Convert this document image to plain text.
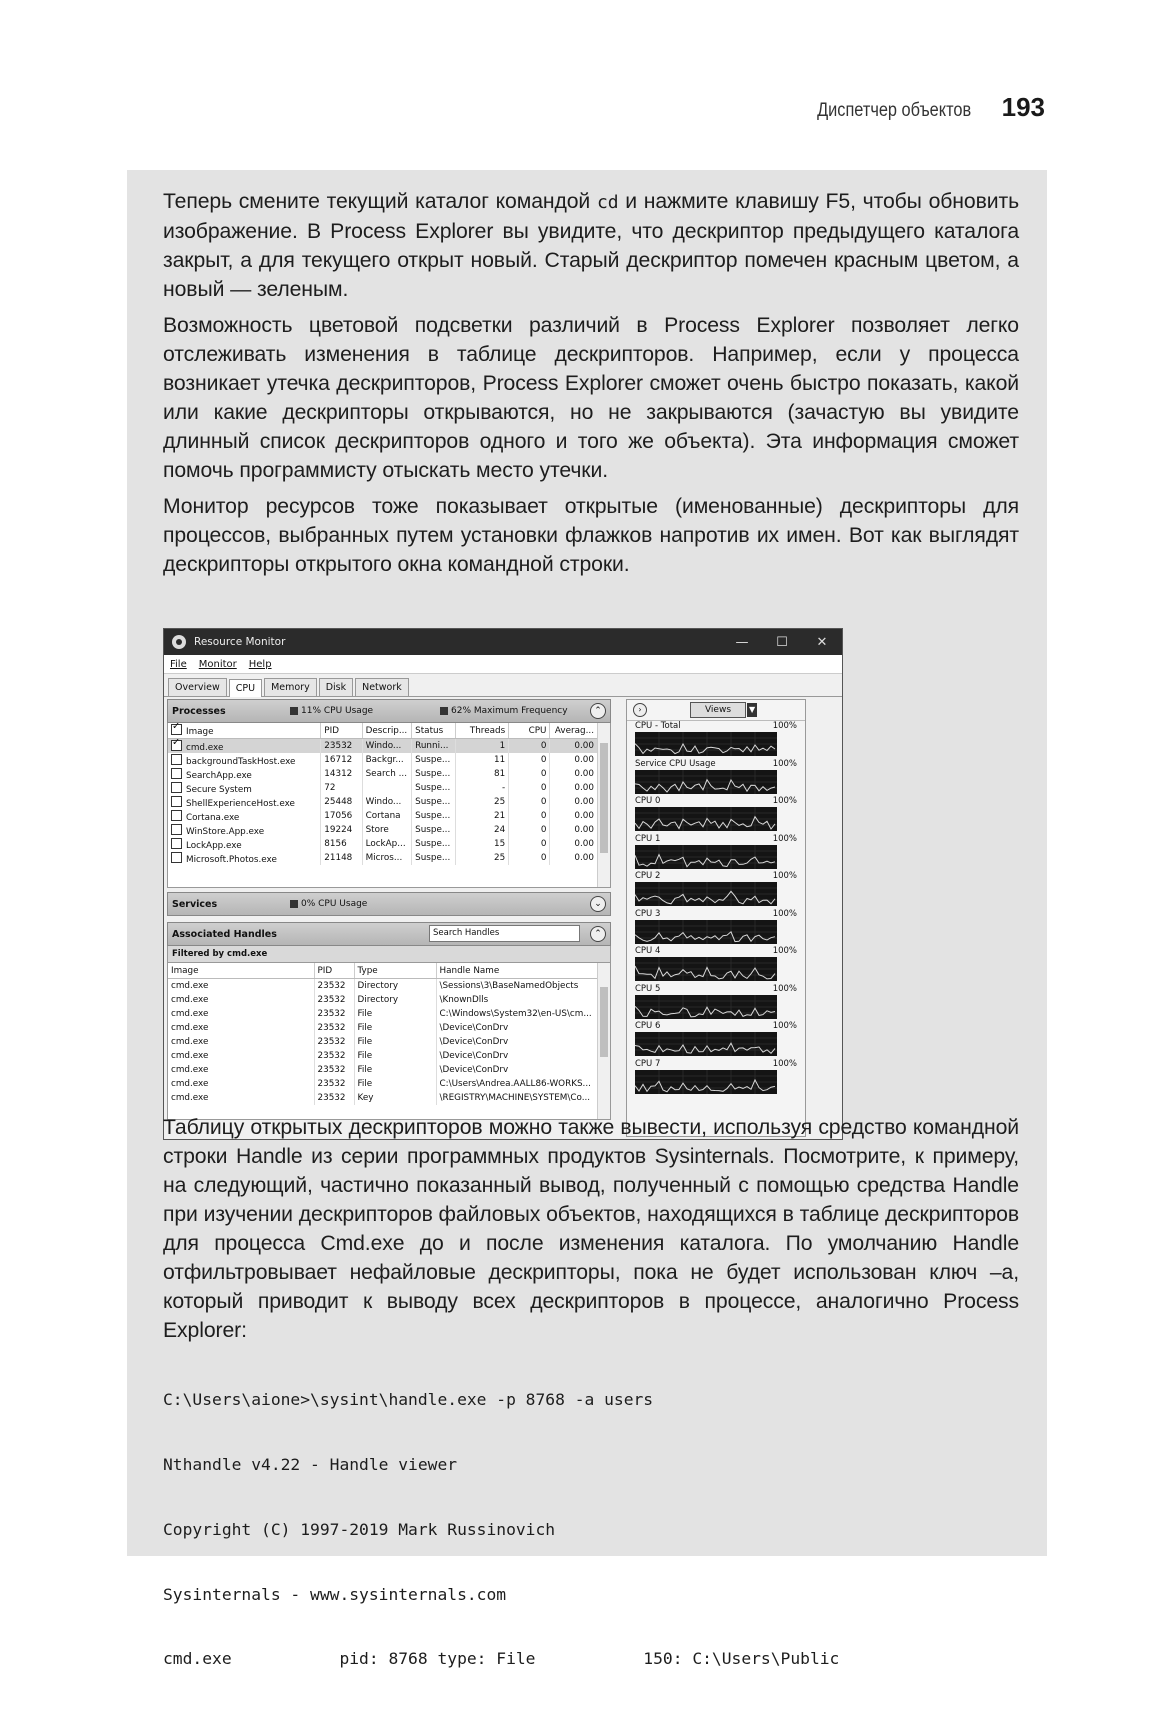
Диспетчер объектов 193

Теперь смените текущий каталог командой cd и нажмите клавишу F5, чтобы обновить изображение. В Process Explorer вы увидите, что дескриптор предыдущего каталога закрыт, а для текущего открыт новый. Старый дескриптор помечен красным цветом, а новый — зеленым.

Возможность цветовой подсветки различий в Process Explorer позволяет легко отслеживать изменения в таблице дескрипторов. Например, если у процесса возникает утечка дескрипторов, Process Explorer сможет очень быстро показать, какой или какие дескрипторы открываются, но не закрываются (зачастую вы увидите длинный список дескрипторов одного и того же объекта). Эта информация сможет помочь программисту отыскать место утечки.

Монитор ресурсов тоже показывает открытые (именованные) дескрипторы для процессов, выбранных путем установки флажков напротив их имен. Вот как выглядят дескрипторы открытого окна командной строки.

Resource Monitor	—	☐	✕
File Monitor Help
Overview	CPU	Memory	Disk	Network
Processes	11% CPU Usage	62% Maximum Frequency	⌃
✓Image	PID	Descrip...	Status	Threads	CPU	Averag...
✓cmd.exe	23532	Windo...	Runni...	1	0	0.00
backgroundTaskHost.exe	16712	Backgr...	Suspe...	11	0	0.00
SearchApp.exe	14312	Search ...	Suspe...	81	0	0.00
Secure System	72		Suspe...	-	0	0.00
ShellExperienceHost.exe	25448	Windo...	Suspe...	25	0	0.00
Cortana.exe	17056	Cortana	Suspe...	21	0	0.00
WinStore.App.exe	19224	Store	Suspe...	24	0	0.00
LockApp.exe	8156	LockAp...	Suspe...	15	0	0.00
Microsoft.Photos.exe	21148	Micros...	Suspe...	25	0	0.00
Services	0% CPU Usage	⌄
Associated Handles	Search Handles	⌃
Filtered by cmd.exe
Image	PID	Type	Handle Name
cmd.exe	23532	Directory	\Sessions\3\BaseNamedObjects
cmd.exe	23532	Directory	\KnownDlls
cmd.exe	23532	File	C:\Windows\System32\en-US\cm...
cmd.exe	23532	File	\Device\ConDrv
cmd.exe	23532	File	\Device\ConDrv
cmd.exe	23532	File	\Device\ConDrv
cmd.exe	23532	File	\Device\ConDrv
cmd.exe	23532	File	C:\Users\Andrea.AALL86-WORKS...
cmd.exe	23532	Key	\REGISTRY\MACHINE\SYSTEM\Co...
›	Views ▼
CPU - Total	100%
Service CPU Usage	100%
CPU 0	100%
CPU 1	100%
CPU 2	100%
CPU 3	100%
CPU 4	100%
CPU 5	100%
CPU 6	100%
CPU 7	100%

Таблицу открытых дескрипторов можно также вывести, используя средство командной строки Handle из серии программных продуктов Sysinternals. Посмотрите, к примеру, на следующий, частично показанный вывод, полученный с помощью средства Handle при изучении дескрипторов файловых объектов, находящихся в таблице дескрипторов для процесса Cmd.exe до и после изменения каталога. По умолчанию Handle отфильтровывает нефайловые дескрипторы, пока не будет использован ключ –a, который приводит к выводу всех дескрипторов в процессе, аналогично Process Explorer:

C:\Users\aione>\sysint\handle.exe -p 8768 -a users

Nthandle v4.22 - Handle viewer

Copyright (C) 1997-2019 Mark Russinovich

Sysinternals - www.sysinternals.com

cmd.exe           pid: 8768 type: File           150: C:\Users\Public
